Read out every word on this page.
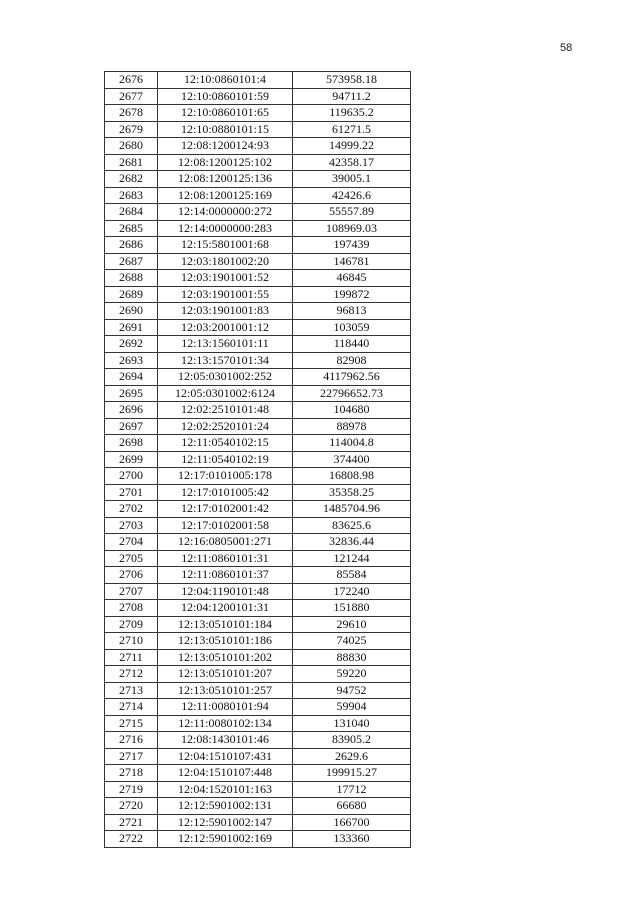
58
2676	12:10:0860101:4	573958.18
2677	12:10:0860101:59	94711.2
2678	12:10:0860101:65	119635.2
2679	12:10:0880101:15	61271.5
2680	12:08:1200124:93	14999.22
2681	12:08:1200125:102	42358.17
2682	12:08:1200125:136	39005.1
2683	12:08:1200125:169	42426.6
2684	12:14:0000000:272	55557.89
2685	12:14:0000000:283	108969.03
2686	12:15:5801001:68	197439
2687	12:03:1801002:20	146781
2688	12:03:1901001:52	46845
2689	12:03:1901001:55	199872
2690	12:03:1901001:83	96813
2691	12:03:2001001:12	103059
2692	12:13:1560101:11	118440
2693	12:13:1570101:34	82908
2694	12:05:0301002:252	4117962.56
2695	12:05:0301002:6124	22796652.73
2696	12:02:2510101:48	104680
2697	12:02:2520101:24	88978
2698	12:11:0540102:15	114004.8
2699	12:11:0540102:19	374400
2700	12:17:0101005:178	16808.98
2701	12:17:0101005:42	35358.25
2702	12:17:0102001:42	1485704.96
2703	12:17:0102001:58	83625.6
2704	12:16:0805001:271	32836.44
2705	12:11:0860101:31	121244
2706	12:11:0860101:37	85584
2707	12:04:1190101:48	172240
2708	12:04:1200101:31	151880
2709	12:13:0510101:184	29610
2710	12:13:0510101:186	74025
2711	12:13:0510101:202	88830
2712	12:13:0510101:207	59220
2713	12:13:0510101:257	94752
2714	12:11:0080101:94	59904
2715	12:11:0080102:134	131040
2716	12:08:1430101:46	83905.2
2717	12:04:1510107:431	2629.6
2718	12:04:1510107:448	199915.27
2719	12:04:1520101:163	17712
2720	12:12:5901002:131	66680
2721	12:12:5901002:147	166700
2722	12:12:5901002:169	133360
